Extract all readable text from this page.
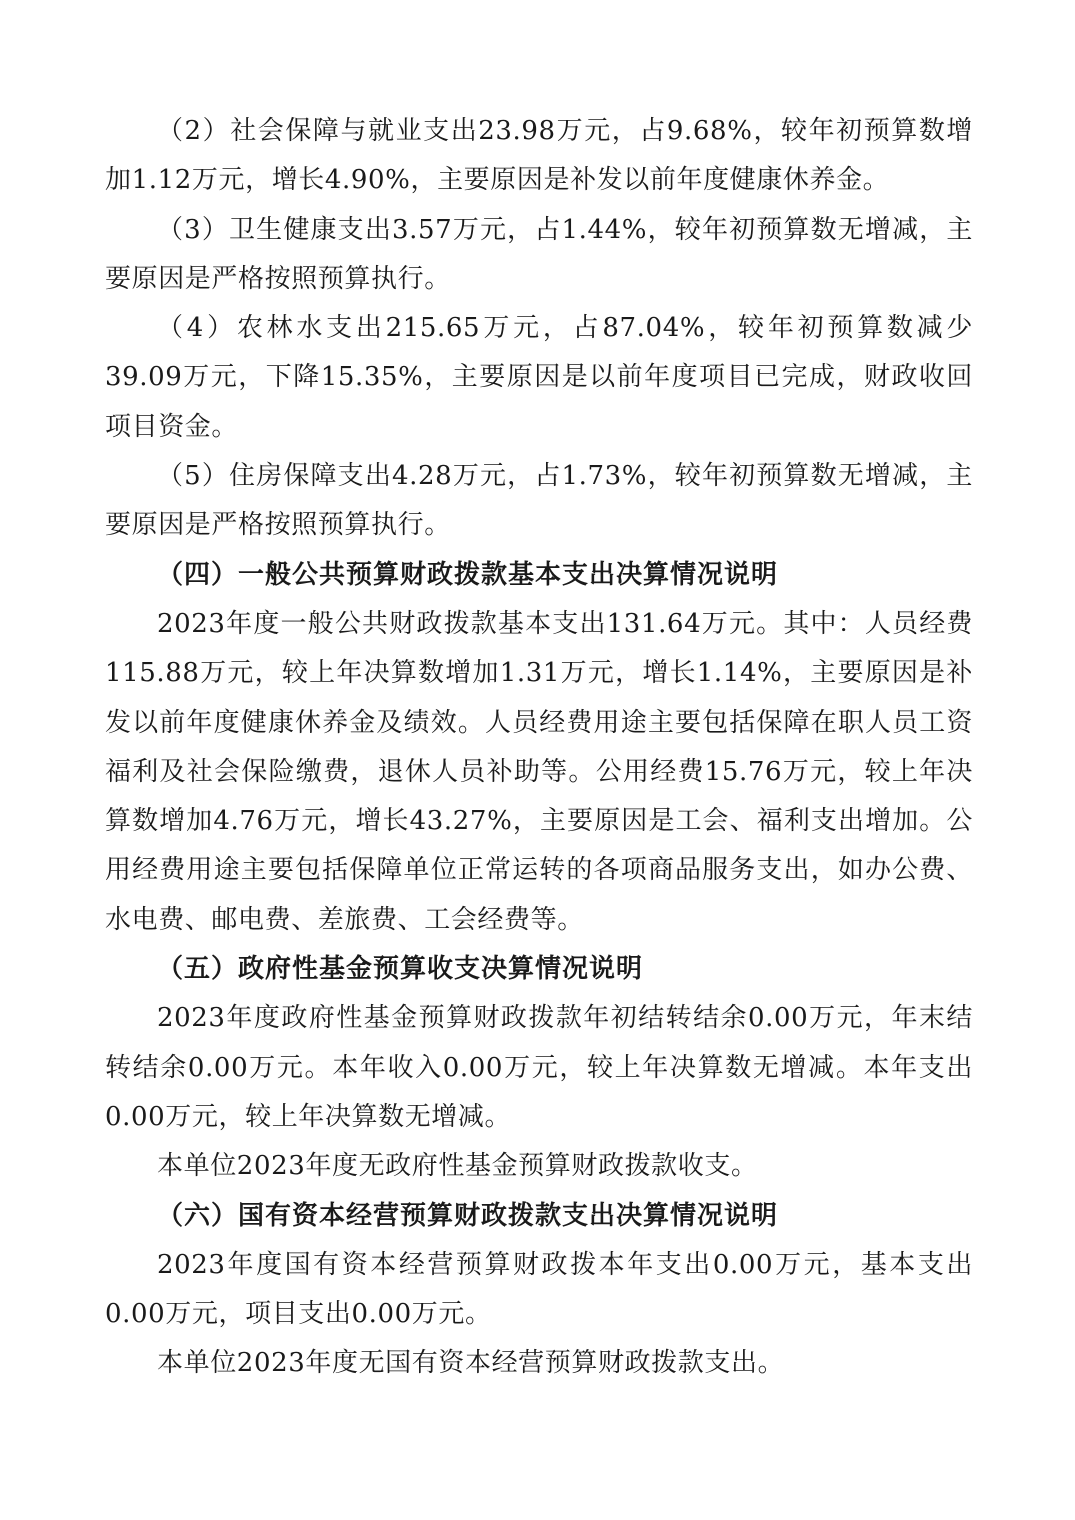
（2）社会保障与就业支出23.98万元，占9.68%，较年初预算数增加1.12万元，增长4.90%，主要原因是补发以前年度健康休养金。

（3）卫生健康支出3.57万元，占1.44%，较年初预算数无增减，主要原因是严格按照预算执行。

（4）农林水支出215.65万元，占87.04%，较年初预算数减少39.09万元，下降15.35%，主要原因是以前年度项目已完成，财政收回项目资金。

（5）住房保障支出4.28万元，占1.73%，较年初预算数无增减，主要原因是严格按照预算执行。

（四）一般公共预算财政拨款基本支出决算情况说明

2023年度一般公共财政拨款基本支出131.64万元。其中：人员经费115.88万元，较上年决算数增加1.31万元，增长1.14%，主要原因是补发以前年度健康休养金及绩效。人员经费用途主要包括保障在职人员工资福利及社会保险缴费，退休人员补助等。公用经费15.76万元，较上年决算数增加4.76万元，增长43.27%，主要原因是工会、福利支出增加。公用经费用途主要包括保障单位正常运转的各项商品服务支出，如办公费、水电费、邮电费、差旅费、工会经费等。

（五）政府性基金预算收支决算情况说明

2023年度政府性基金预算财政拨款年初结转结余0.00万元，年末结转结余0.00万元。本年收入0.00万元，较上年决算数无增减。本年支出0.00万元，较上年决算数无增减。

本单位2023年度无政府性基金预算财政拨款收支。

（六）国有资本经营预算财政拨款支出决算情况说明

2023年度国有资本经营预算财政拨本年支出0.00万元，基本支出0.00万元，项目支出0.00万元。

本单位2023年度无国有资本经营预算财政拨款支出。
